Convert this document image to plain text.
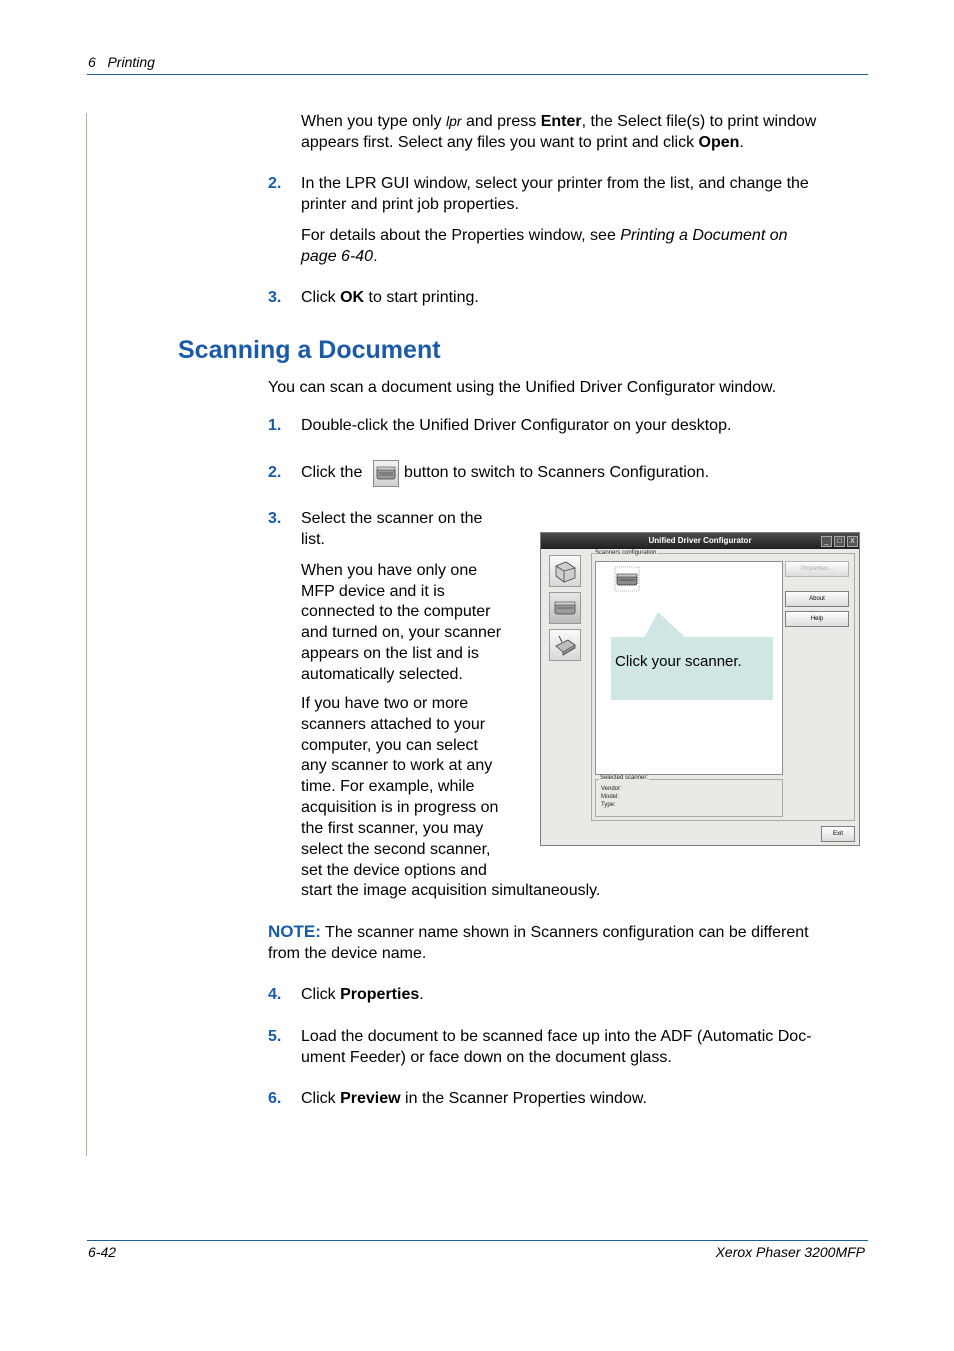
6 Printing
When you type only lpr and press Enter, the Select file(s) to print window
appears first. Select any files you want to print and click Open.
2. In the LPR GUI window, select your printer from the list, and change the
printer and print job properties.
For details about the Properties window, see Printing a Document on
page 6-40.
3. Click OK to start printing.
Scanning a Document
You can scan a document using the Unified Driver Configurator window.
1. Double-click the Unified Driver Configurator on your desktop.
2. Click the	button to switch to Scanners Configuration.
3. Select the scanner on the
list.
When you have only one
MFP device and it is
connected to the computer
and turned on, your scanner
appears on the list and is
automatically selected.
If you have two or more
scanners attached to your
computer, you can select
any scanner to work at any
time. For example, while
acquisition is in progress on
the first scanner, you may
select the second scanner,
set the device options and
start the image acquisition simultaneously.
Unified Driver Configurator	_	□	X
Scanners configuration
Properties...
About
Help
Selected scanner:
Vendor:
Model:
Type:
Exit
Click your scanner.
NOTE: The scanner name shown in Scanners configuration can be different
from the device name.
4. Click Properties.
5. Load the document to be scanned face up into the ADF (Automatic Doc-
ument Feeder) or face down on the document glass.
6. Click Preview in the Scanner Properties window.
6-42	Xerox Phaser 3200MFP
